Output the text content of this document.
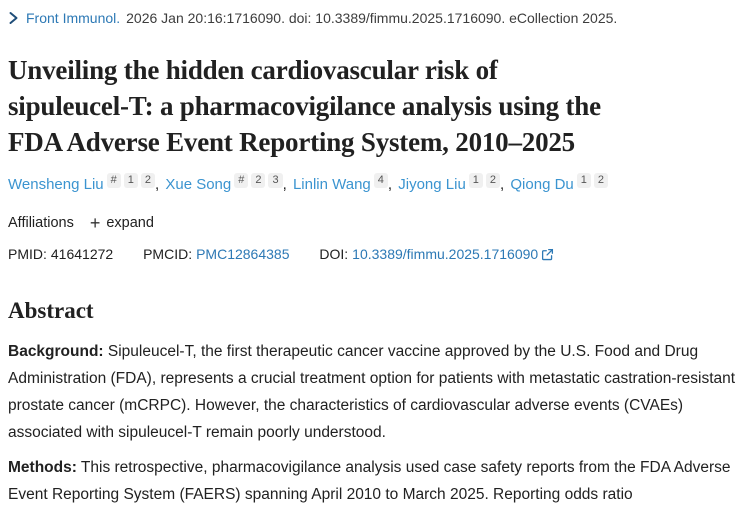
Front Immunol. 2026 Jan 20:16:1716090. doi: 10.3389/fimmu.2025.1716090. eCollection 2025.
Unveiling the hidden cardiovascular risk of
sipuleucel-T: a pharmacovigilance analysis using the
FDA Adverse Event Reporting System, 2010–2025
Wensheng Liu # 1 2 , Xue Song # 2 3 , Linlin Wang 4 , Jiyong Liu 1 2 , Qiong Du 1 2
Affiliations + expand
PMID: 41641272 PMCID: PMC12864385 DOI: 10.3389/fimmu.2025.1716090
Abstract

Background: Sipuleucel-T, the first therapeutic cancer vaccine approved by the U.S. Food and Drug Administration (FDA), represents a crucial treatment option for patients with metastatic castration-resistant prostate cancer (mCRPC). However, the characteristics of cardiovascular adverse events (CVAEs) associated with sipuleucel-T remain poorly understood.

Methods: This retrospective, pharmacovigilance analysis used case safety reports from the FDA Adverse Event Reporting System (FAERS) spanning April 2010 to March 2025. Reporting odds ratio
